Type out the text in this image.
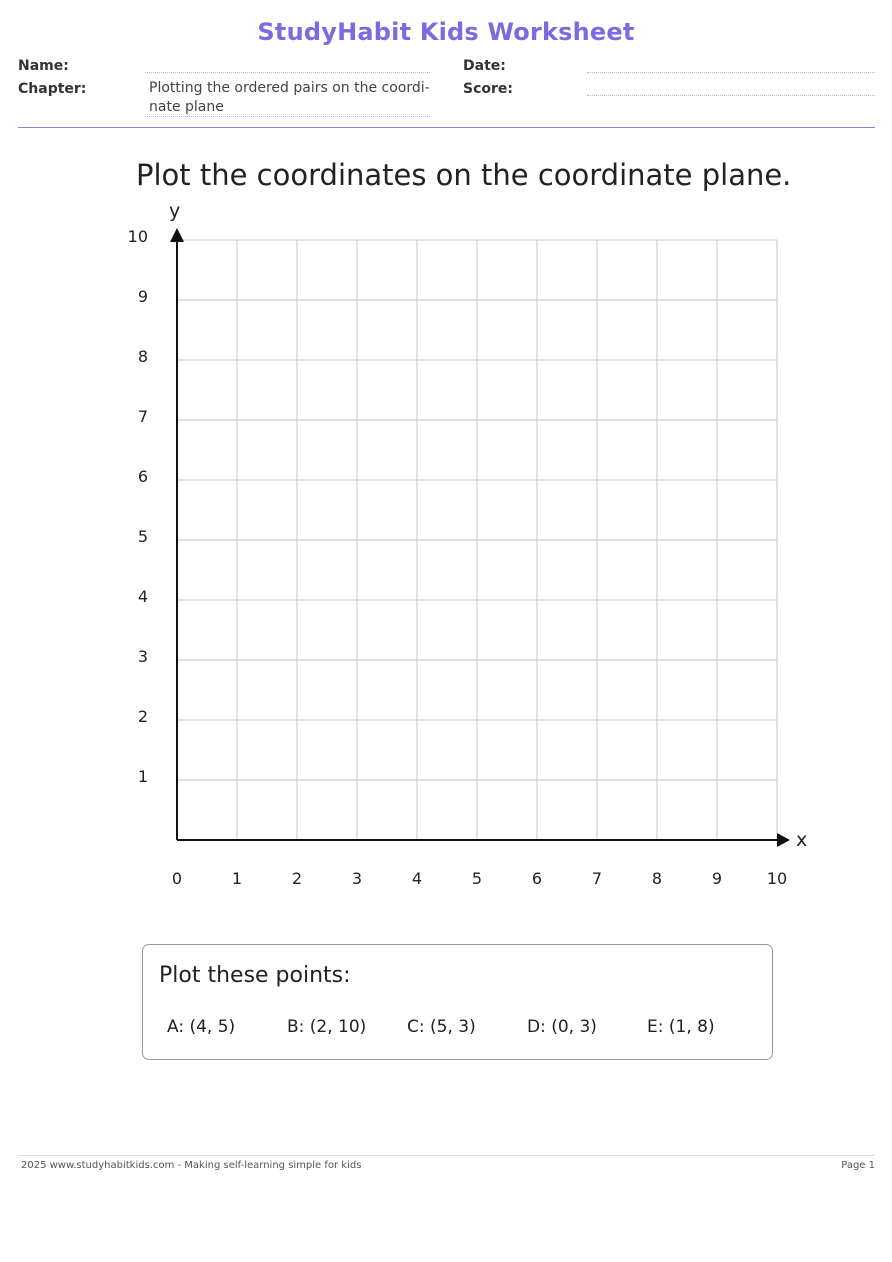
StudyHabit Kids Worksheet
Name:	Date:
Chapter:	Plotting the ordered pairs on the coordi-
nate plane
Score:
Plot the coordinates on the coordinate plane.
0	1	2	3	4	5	6	7	8	9	10
1
2
3
4
5
6
7
8
9
10
x
y
Plot these points:
A: (4, 5)	B: (2, 10) C: (5, 3)	D: (0, 3)	E: (1, 8)
2025 www.studyhabitkids.com - Making self-learning simple for kids	Page 1
